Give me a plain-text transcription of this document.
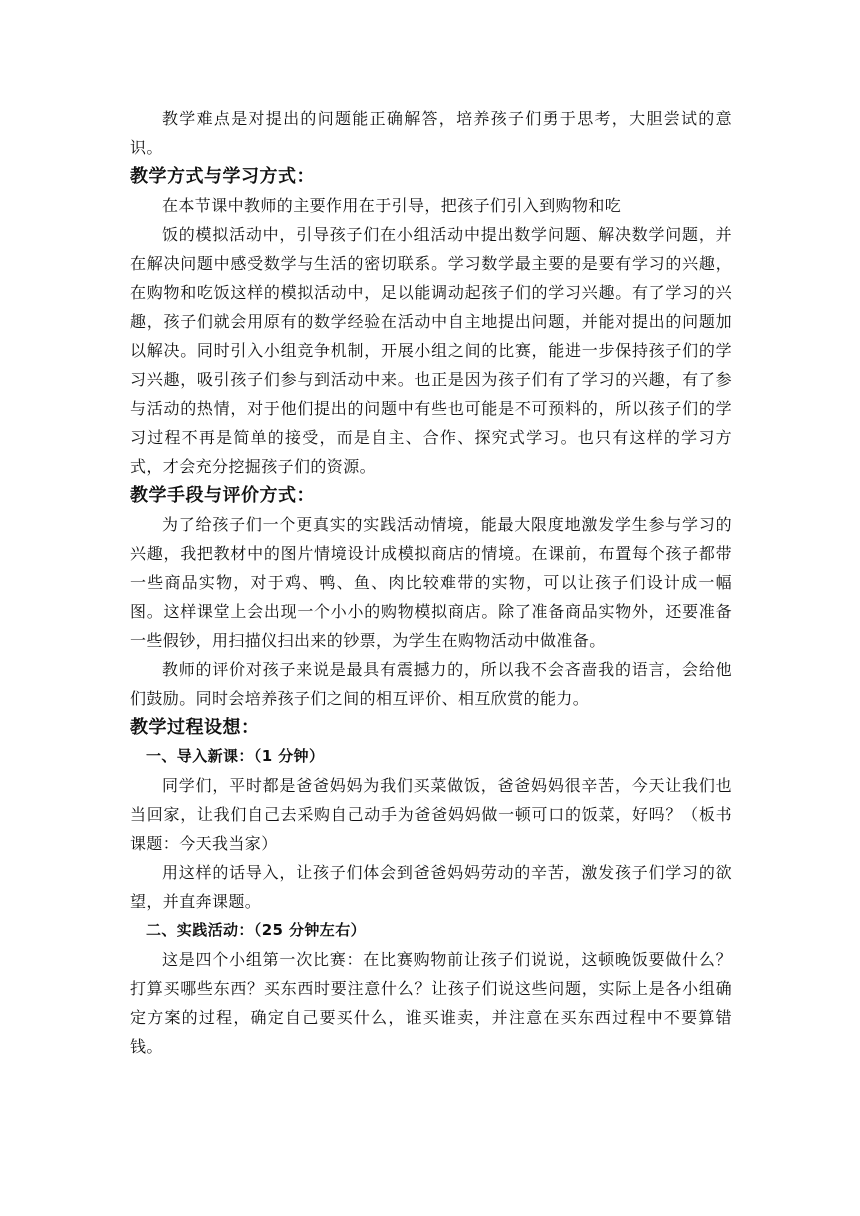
教学难点是对提出的问题能正确解答，培养孩子们勇于思考，大胆尝试的意识。

教学方式与学习方式：

在本节课中教师的主要作用在于引导，把孩子们引入到购物和吃

饭的模拟活动中，引导孩子们在小组活动中提出数学问题、解决数学问题，并在解决问题中感受数学与生活的密切联系。学习数学最主要的是要有学习的兴趣，在购物和吃饭这样的模拟活动中，足以能调动起孩子们的学习兴趣。有了学习的兴趣，孩子们就会用原有的数学经验在活动中自主地提出问题，并能对提出的问题加以解决。同时引入小组竞争机制，开展小组之间的比赛，能进一步保持孩子们的学习兴趣，吸引孩子们参与到活动中来。也正是因为孩子们有了学习的兴趣，有了参与活动的热情，对于他们提出的问题中有些也可能是不可预料的，所以孩子们的学习过程不再是简单的接受，而是自主、合作、探究式学习。也只有这样的学习方式，才会充分挖掘孩子们的资源。

教学手段与评价方式：

为了给孩子们一个更真实的实践活动情境，能最大限度地激发学生参与学习的兴趣，我把教材中的图片情境设计成模拟商店的情境。在课前，布置每个孩子都带一些商品实物，对于鸡、鸭、鱼、肉比较难带的实物，可以让孩子们设计成一幅图。这样课堂上会出现一个小小的购物模拟商店。除了准备商品实物外，还要准备一些假钞，用扫描仪扫出来的钞票，为学生在购物活动中做准备。

教师的评价对孩子来说是最具有震撼力的，所以我不会吝啬我的语言，会给他们鼓励。同时会培养孩子们之间的相互评价、相互欣赏的能力。

教学过程设想：
一、导入新课：（1 分钟）

同学们，平时都是爸爸妈妈为我们买菜做饭，爸爸妈妈很辛苦，今天让我们也当回家，让我们自己去采购自己动手为爸爸妈妈做一顿可口的饭菜，好吗？（板书课题：今天我当家）

用这样的话导入，让孩子们体会到爸爸妈妈劳动的辛苦，激发孩子们学习的欲望，并直奔课题。

二、实践活动：（25 分钟左右）

这是四个小组第一次比赛：在比赛购物前让孩子们说说，这顿晚饭要做什么？打算买哪些东西？买东西时要注意什么？让孩子们说这些问题，实际上是各小组确定方案的过程，确定自己要买什么，谁买谁卖，并注意在买东西过程中不要算错钱。
